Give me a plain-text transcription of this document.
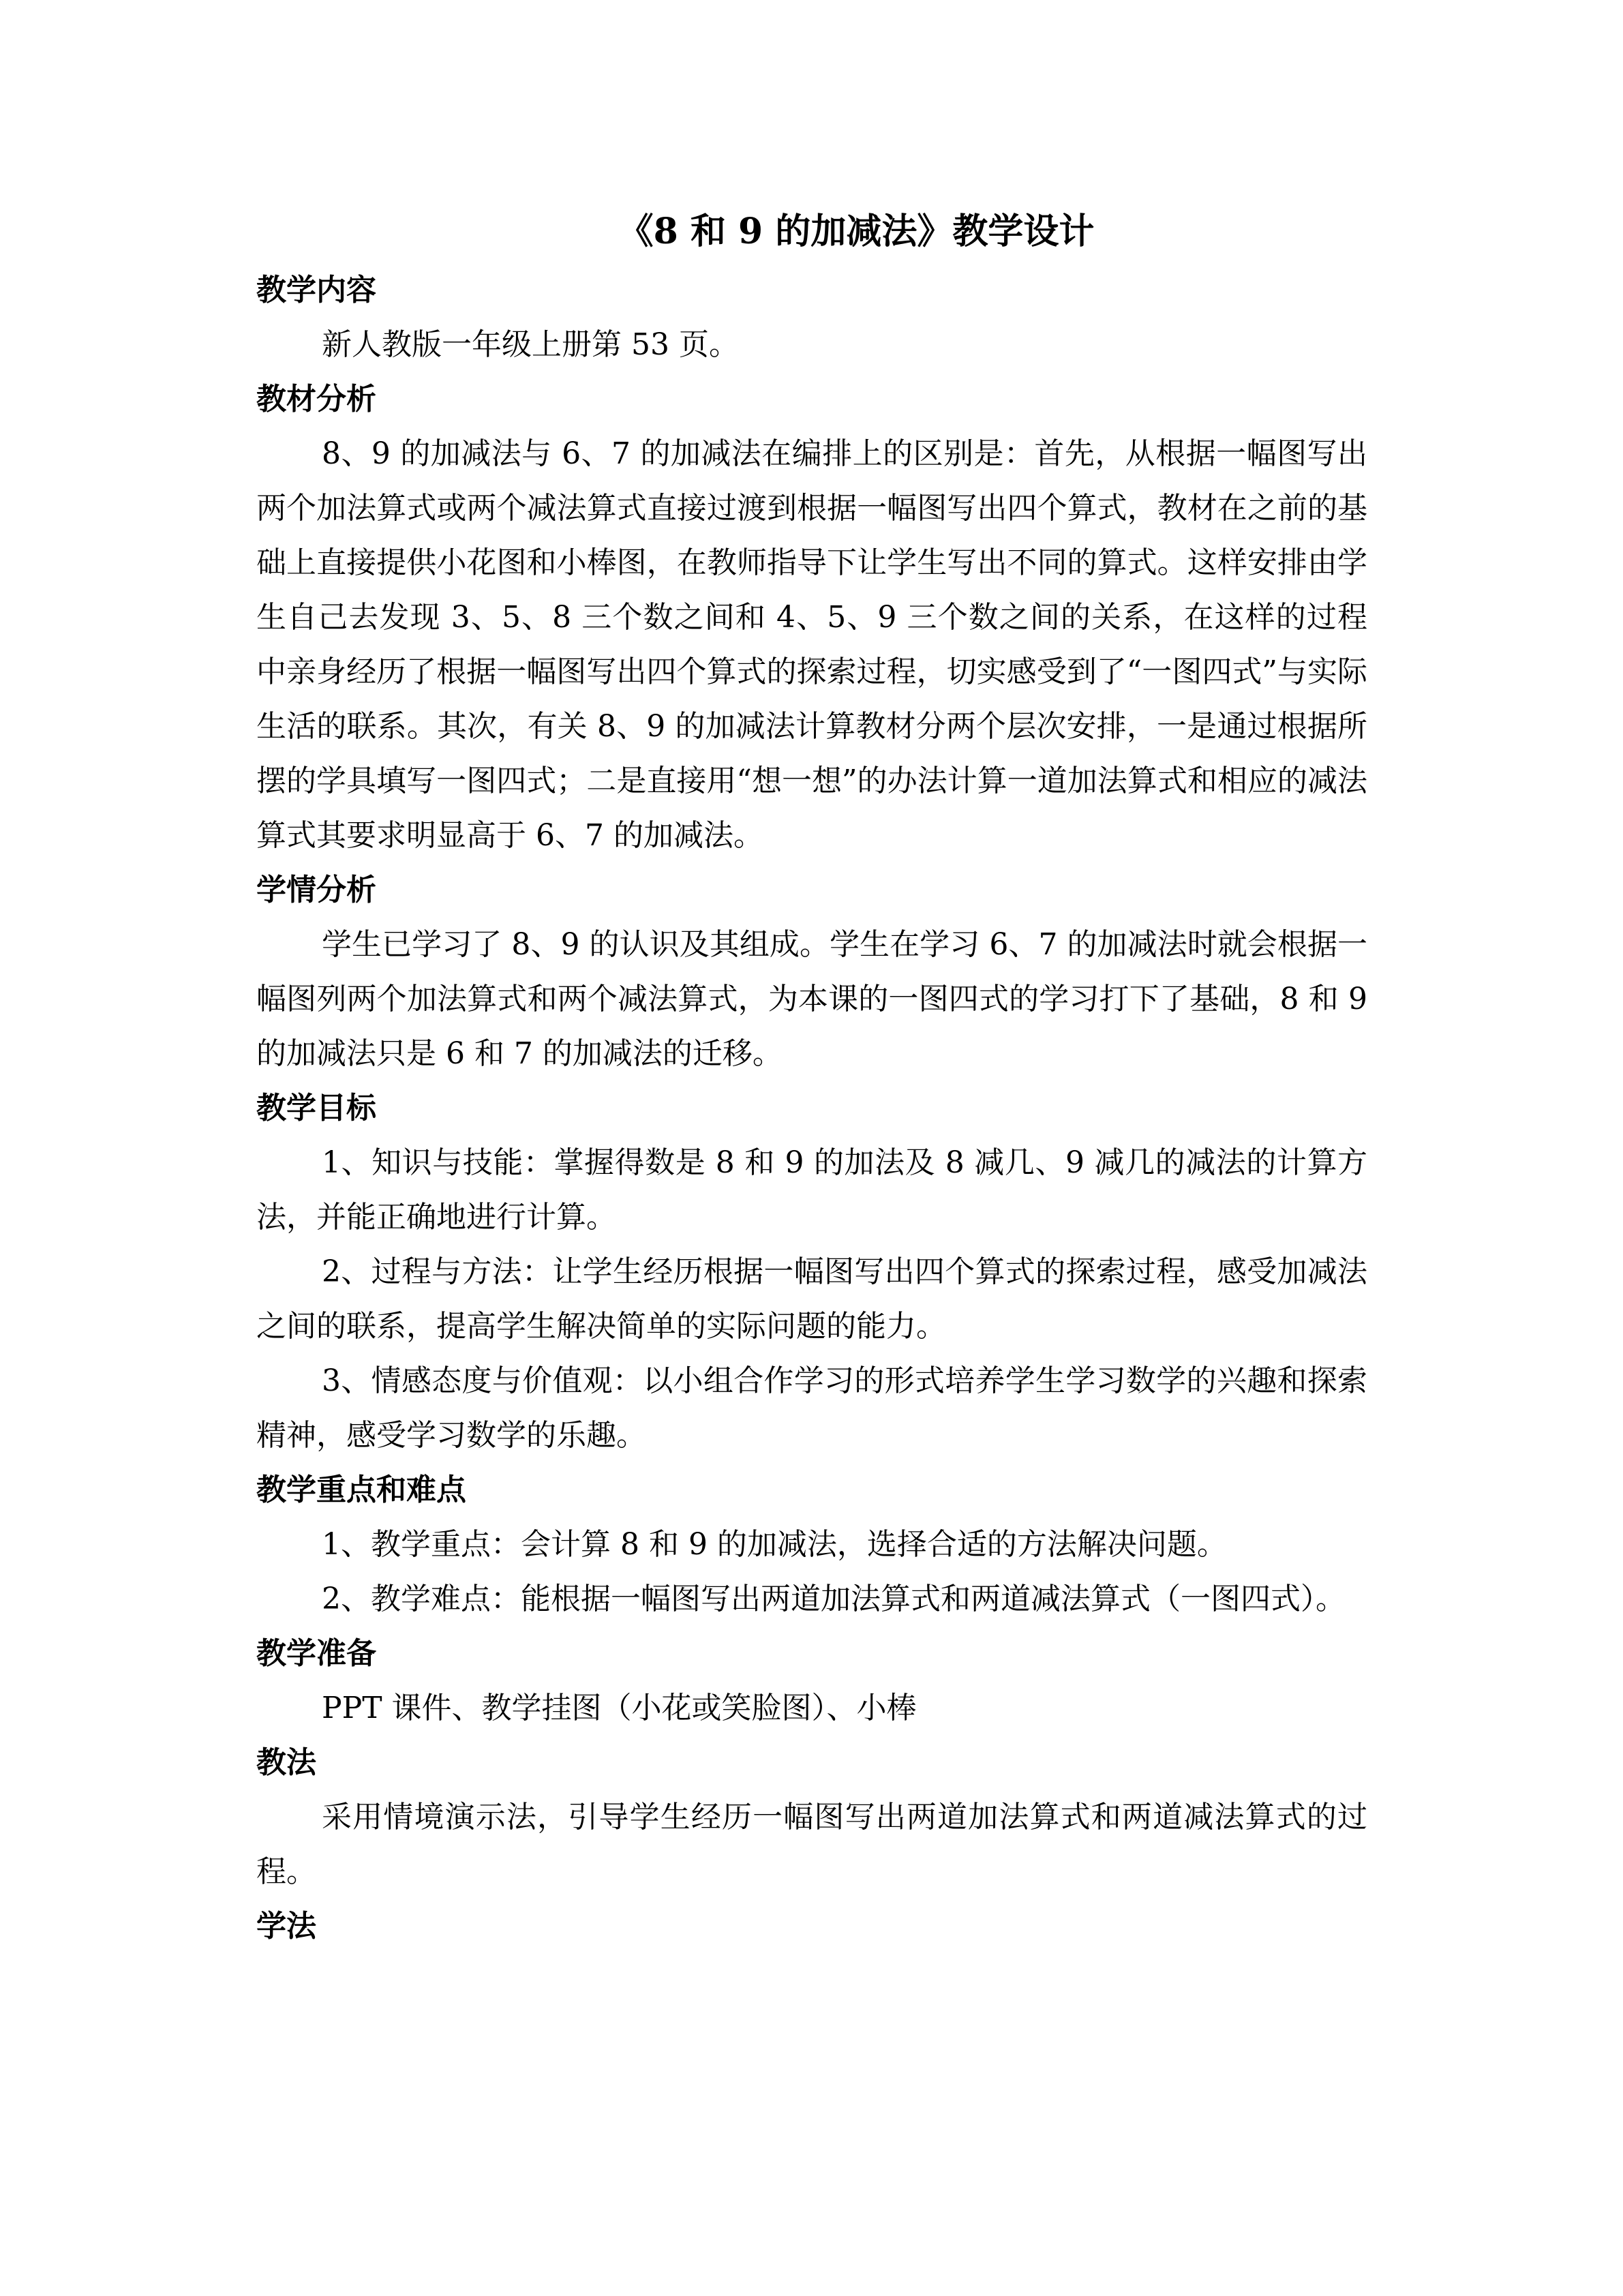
《8 和 9 的加减法》教学设计
教学内容

新人教版一年级上册第 53 页。

教材分析

8、9 的加减法与 6、7 的加减法在编排上的区别是：首先，从根据一幅图写出两个加法算式或两个减法算式直接过渡到根据一幅图写出四个算式，教材在之前的基础上直接提供小花图和小棒图，在教师指导下让学生写出不同的算式。这样安排由学生自己去发现 3、5、8 三个数之间和 4、5、9 三个数之间的关系，在这样的过程中亲身经历了根据一幅图写出四个算式的探索过程，切实感受到了“一图四式”与实际生活的联系。其次，有关 8、9 的加减法计算教材分两个层次安排，一是通过根据所摆的学具填写一图四式；二是直接用“想一想”的办法计算一道加法算式和相应的减法算式其要求明显高于 6、7 的加减法。

学情分析

学生已学习了 8、9 的认识及其组成。学生在学习 6、7 的加减法时就会根据一幅图列两个加法算式和两个减法算式，为本课的一图四式的学习打下了基础，8 和 9 的加减法只是 6 和 7 的加减法的迁移。

教学目标

1、知识与技能：掌握得数是 8 和 9 的加法及 8 减几、9 减几的减法的计算方法，并能正确地进行计算。

2、过程与方法：让学生经历根据一幅图写出四个算式的探索过程，感受加减法之间的联系，提高学生解决简单的实际问题的能力。

3、情感态度与价值观：以小组合作学习的形式培养学生学习数学的兴趣和探索精神，感受学习数学的乐趣。

教学重点和难点

1、教学重点：会计算 8 和 9 的加减法，选择合适的方法解决问题。

2、教学难点：能根据一幅图写出两道加法算式和两道减法算式（一图四式）。

教学准备

PPT 课件、教学挂图（小花或笑脸图）、小棒

教法

采用情境演示法，引导学生经历一幅图写出两道加法算式和两道减法算式的过程。

学法
